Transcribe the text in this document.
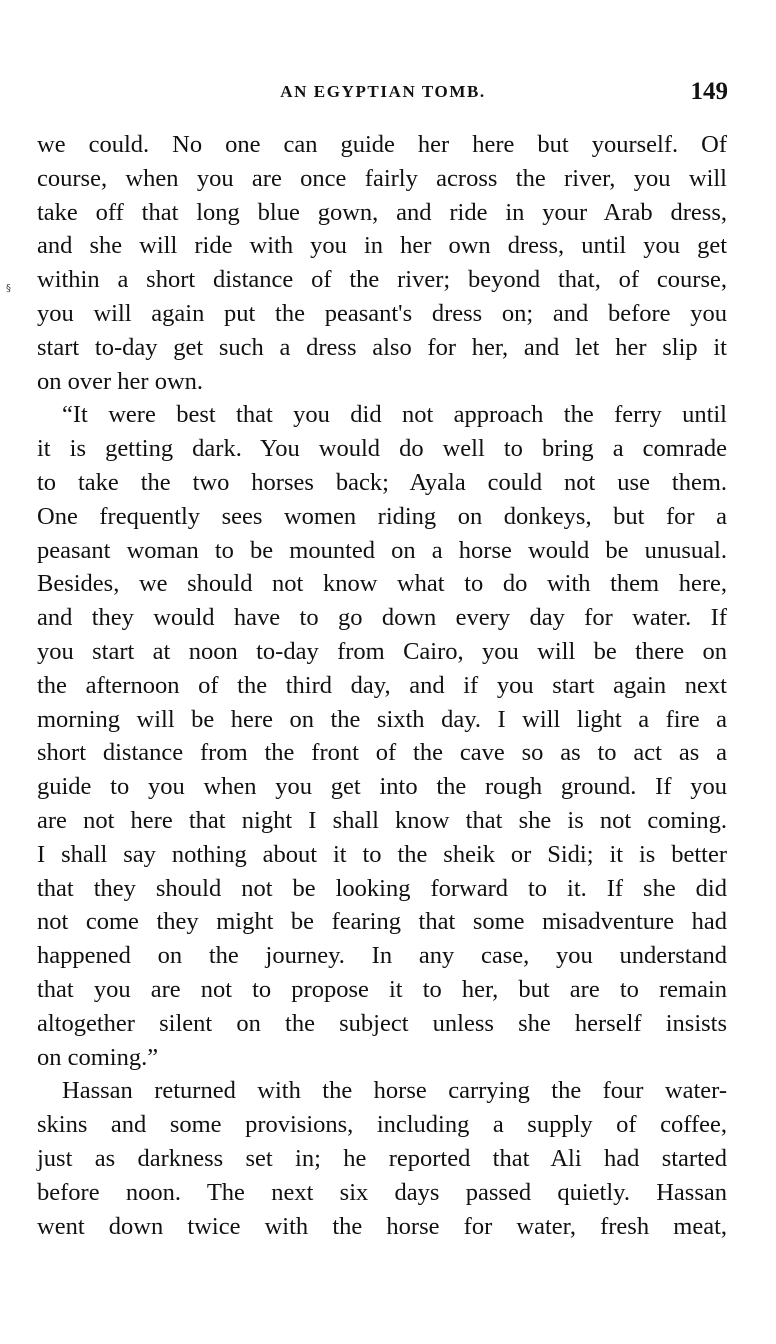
AN EGYPTIAN TOMB.	149
§
we could. No one can guide her here but yourself. Of
course, when you are once fairly across the river, you will
take off that long blue gown, and ride in your Arab dress,
and she will ride with you in her own dress, until you get
within a short distance of the river; beyond that, of course,
you will again put the peasant's dress on; and before you
start to-day get such a dress also for her, and let her slip it
on over her own.
“It were best that you did not approach the ferry until
it is getting dark. You would do well to bring a comrade
to take the two horses back; Ayala could not use them.
One frequently sees women riding on donkeys, but for a
peasant woman to be mounted on a horse would be unusual.
Besides, we should not know what to do with them here,
and they would have to go down every day for water. If
you start at noon to-day from Cairo, you will be there on
the afternoon of the third day, and if you start again next
morning will be here on the sixth day. I will light a fire a
short distance from the front of the cave so as to act as a
guide to you when you get into the rough ground. If you
are not here that night I shall know that she is not coming.
I shall say nothing about it to the sheik or Sidi; it is better
that they should not be looking forward to it. If she did
not come they might be fearing that some misadventure had
happened on the journey. In any case, you understand
that you are not to propose it to her, but are to remain
altogether silent on the subject unless she herself insists
on coming.”
Hassan returned with the horse carrying the four water-
skins and some provisions, including a supply of coffee,
just as darkness set in; he reported that Ali had started
before noon. The next six days passed quietly. Hassan
went down twice with the horse for water, fresh meat,
